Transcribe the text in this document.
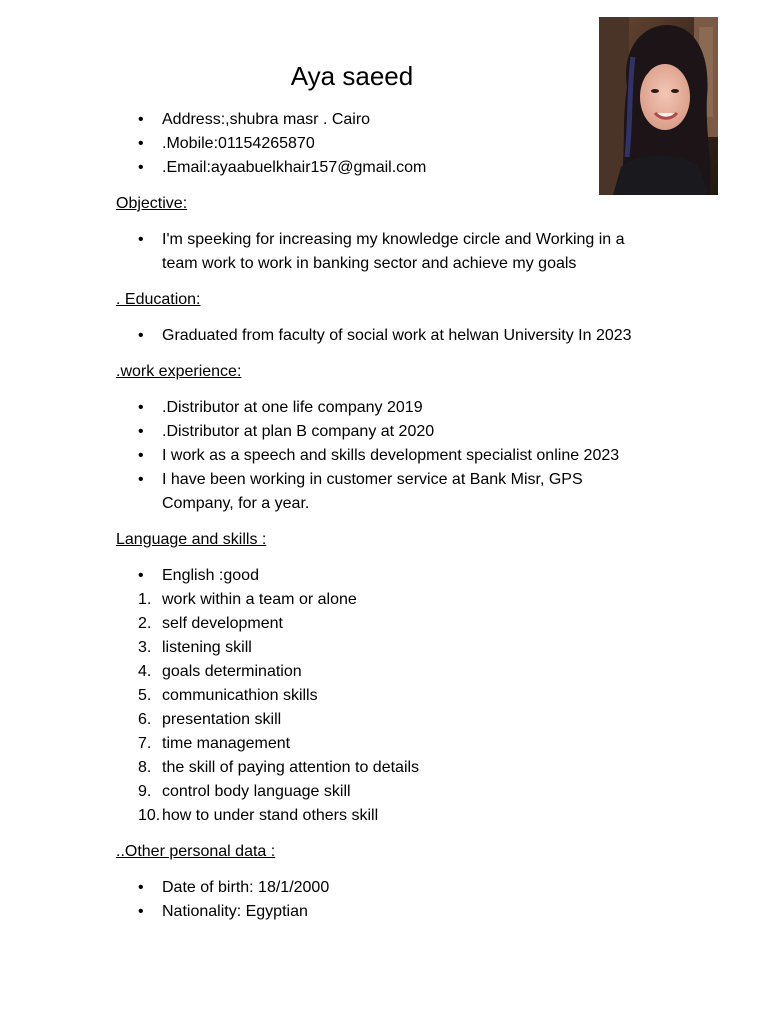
Aya saeed
• Address:,shubra masr . Cairo
• .Mobile:01154265870
• .Email:ayaabuelkhair157@gmail.com

Objective:

• I'm speeking for increasing my knowledge circle and Working in a team work to work in banking sector and achieve my goals

. Education:

• Graduated from faculty of social work at helwan University In 2023

.work experience:

• .Distributor at one life company 2019
• .Distributor at plan B company at 2020
• I work as a speech and skills development specialist online 2023
• I have been working in customer service at Bank Misr, GPS Company, for a year.

Language and skills :

• English :good
1. work within a team or alone
2. self development
3. listening skill
4. goals determination
5. communicathion skills
6. presentation skill
7. time management
8. the skill of paying attention to details
9. control body language skill
10. how to under stand others skill

..Other personal data :

• Date of birth: 18/1/2000
• Nationality: Egyptian
